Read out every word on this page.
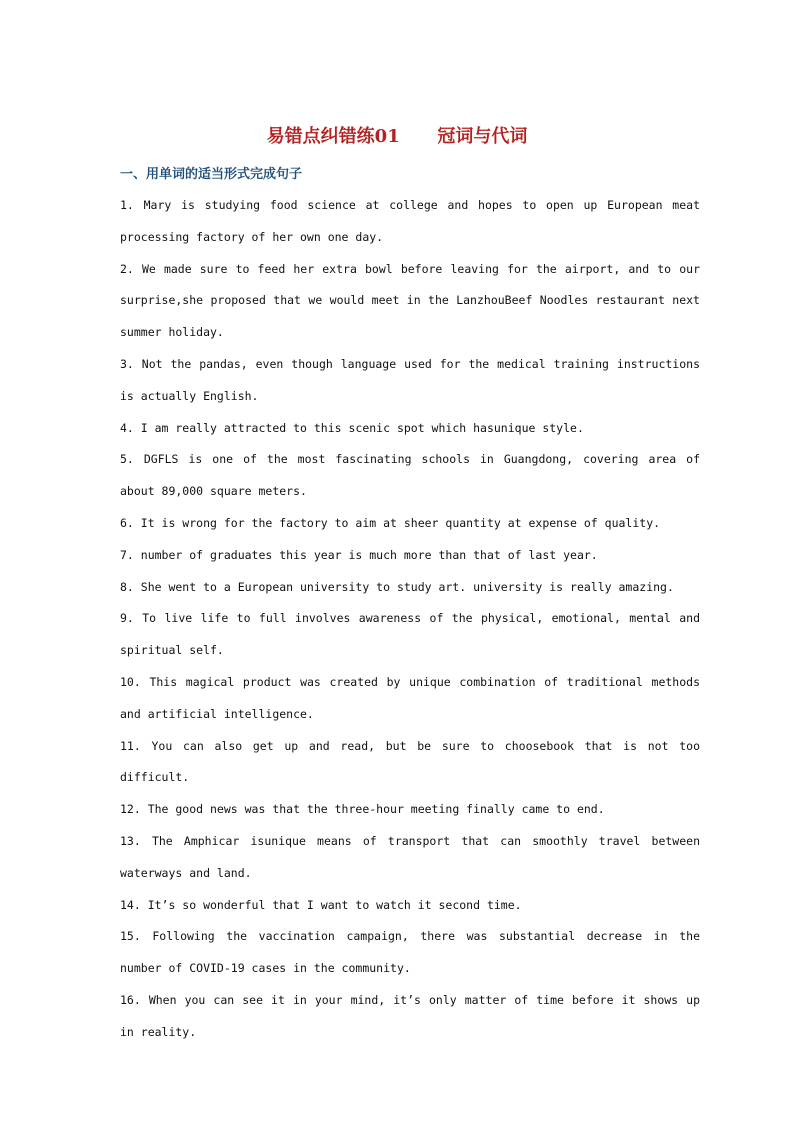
易错点纠错练01      冠词与代词
一、用单词的适当形式完成句子
1. Mary is studying food science at college and hopes to open up European meat processing factory of her own one day.
2. We made sure to feed her extra bowl before leaving for the airport, and to our surprise,she proposed that we would meet in the LanzhouBeef Noodles restaurant next summer holiday.
3. Not the pandas, even though language used for the medical training instructions is actually English.
4. I am really attracted to this scenic spot which hasunique style.
5. DGFLS is one of the most fascinating schools in Guangdong, covering area of about 89,000 square meters.
6. It is wrong for the factory to aim at sheer quantity at expense of quality.
7. number of graduates this year is much more than that of last year.
8. She went to a European university to study art. university is really amazing.
9. To live life to full involves awareness of the physical, emotional, mental and spiritual self.
10. This magical product was created by unique combination of traditional methods and artificial intelligence.
11. You can also get up and read, but be sure to choosebook that is not too difficult.
12. The good news was that the three-hour meeting finally came to end.
13. The Amphicar isunique means of transport that can smoothly travel between waterways and land.
14. It’s so wonderful that I want to watch it second time.
15. Following the vaccination campaign, there was substantial decrease in the number of COVID-19 cases in the community.
16. When you can see it in your mind, it’s only matter of time before it shows up in reality.
